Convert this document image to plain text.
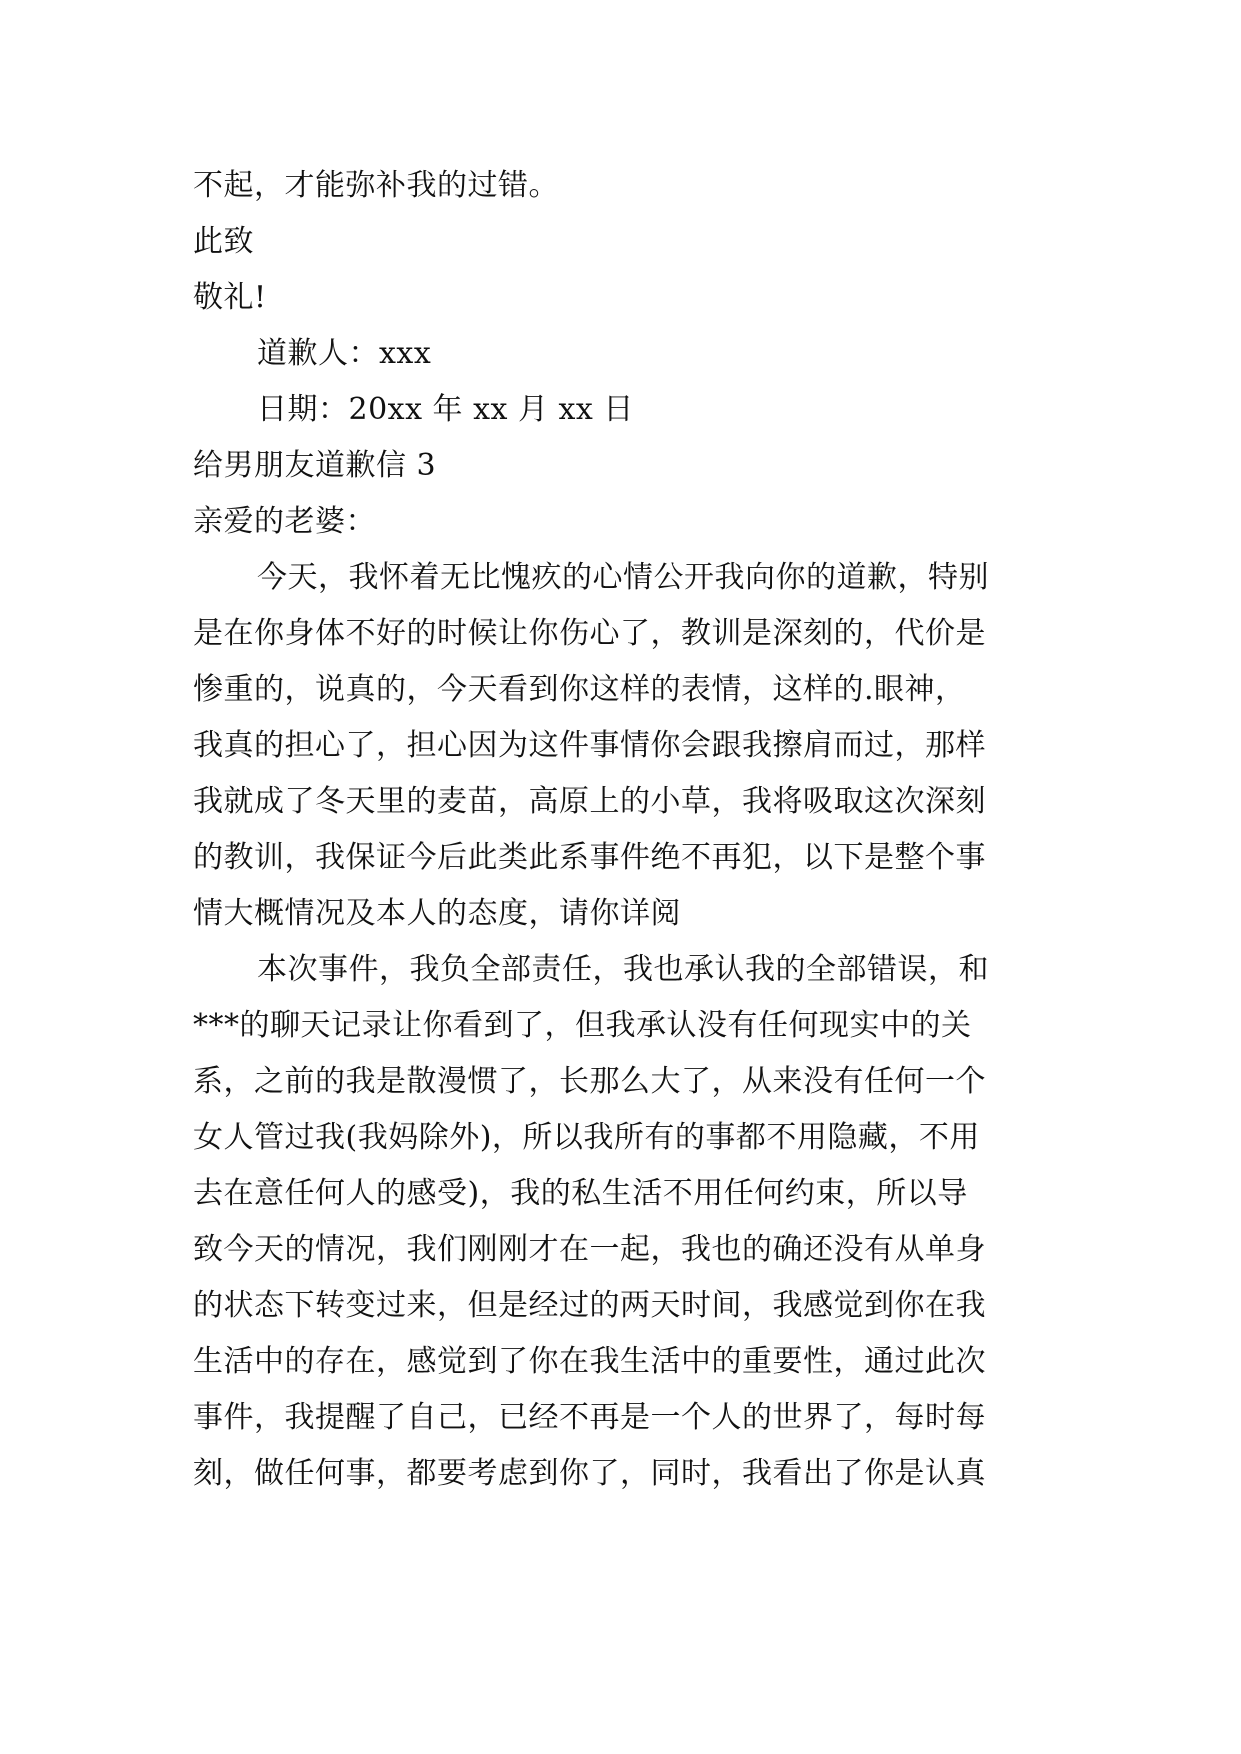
不起，才能弥补我的过错。
此致
敬礼!
道歉人：xxx
日期：20xx 年 xx 月 xx 日
给男朋友道歉信 3
亲爱的老婆：
今天，我怀着无比愧疚的心情公开我向你的道歉，特别
是在你身体不好的时候让你伤心了，教训是深刻的，代价是
惨重的，说真的，今天看到你这样的表情，这样的.眼神，
我真的担心了，担心因为这件事情你会跟我擦肩而过，那样
我就成了冬天里的麦苗，高原上的小草，我将吸取这次深刻
的教训，我保证今后此类此系事件绝不再犯，以下是整个事
情大概情况及本人的态度，请你详阅
本次事件，我负全部责任，我也承认我的全部错误，和
***的聊天记录让你看到了，但我承认没有任何现实中的关
系，之前的我是散漫惯了，长那么大了，从来没有任何一个
女人管过我(我妈除外)，所以我所有的事都不用隐藏，不用
去在意任何人的感受)，我的私生活不用任何约束，所以导
致今天的情况，我们刚刚才在一起，我也的确还没有从单身
的状态下转变过来，但是经过的两天时间，我感觉到你在我
生活中的存在，感觉到了你在我生活中的重要性，通过此次
事件，我提醒了自己，已经不再是一个人的世界了，每时每
刻，做任何事，都要考虑到你了，同时，我看出了你是认真
